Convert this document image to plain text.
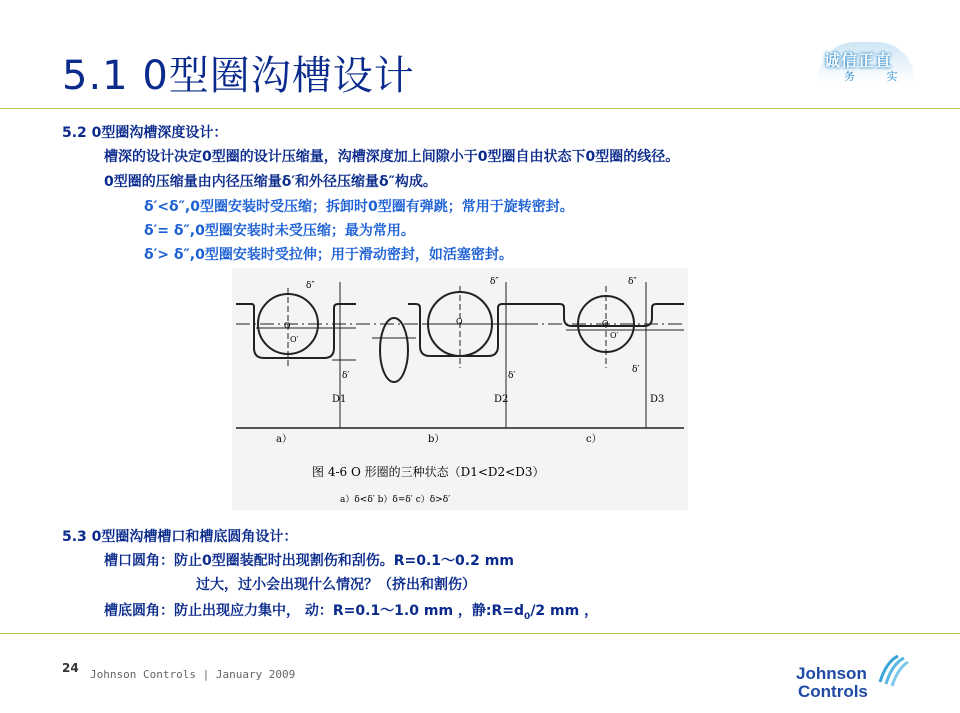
5.1 0型圈沟槽设计	诚信正直
务 实
5.2 0型圈沟槽深度设计：
槽深的设计决定0型圈的设计压缩量，沟槽深度加上间隙小于0型圈自由状态下0型圈的线径。
0型圈的压缩量由内径压缩量δ′和外径压缩量δ″构成。
δ′<δ″,0型圈安装时受压缩；拆卸时0型圈有弹跳；常用于旋转密封。
δ′= δ″,0型圈安装时未受压缩；最为常用。
δ′> δ″,0型圈安装时受拉伸；用于滑动密封，如活塞密封。
δ″
δ′
O
O′
D1
a）
δ″
δ′
O
D2
b）
δ″
δ′
O
O′
D3
c）
图 4-6 O 形圈的三种状态（D1<D2<D3）
a）δ<δ′ b）δ=δ′ c）δ>δ′
5.3 0型圈沟槽槽口和槽底圆角设计：
槽口圆角：防止0型圈装配时出现割伤和刮伤。R=0.1～0.2 mm
过大，过小会出现什么情况？（挤出和割伤）
槽底圆角：防止出现应力集中， 动：R=0.1～1.0 mm ，静$:R=d_0/2$ mm ，
24 Johnson Controls | January 2009	Johnson
Controls
